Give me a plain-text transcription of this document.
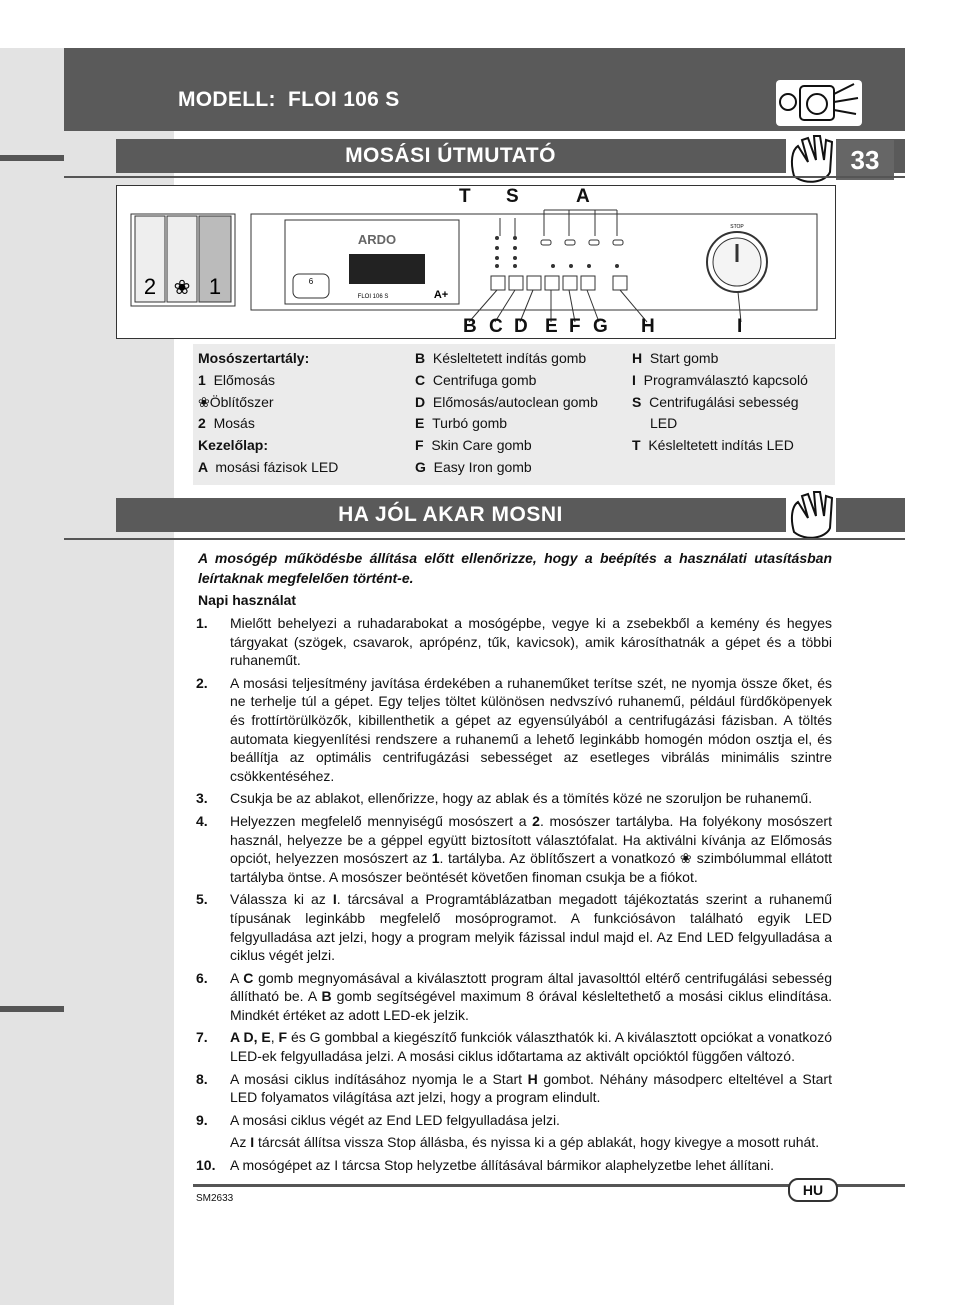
MODELL: FLOI 106 S
MOSÁSI ÚTMUTATÓ	33
2 ❀ 1
ARDO
6
FLOI 106 S	A+
STOP
T S	A
B C D E F G H	I
Mosószertartály:
1  Előmosás
❀Öblítőszer
2  Mosás
Kezelőlap:
A  mosási fázisok LED
B  Késleltetett indítás gomb
C  Centrifuga gomb
D  Előmosás/autoclean gomb
E  Turbó gomb
F  Skin Care gomb
G  Easy Iron gomb
H  Start gomb
I  Programválasztó kapcsoló
S  Centrifugálási sebesség
LED
T  Késleltetett indítás LED
HA JÓL AKAR MOSNI
A mosógép működésbe állítása előtt ellenőrizze, hogy a beépítés a használati utasításban leírtaknak megfelelően történt-e.
Napi használat
1.	Mielőtt behelyezi a ruhadarabokat a mosógépbe, vegye ki a zsebekből a kemény és hegyes tárgyakat (szögek, csavarok, aprópénz, tűk, kavicsok), amik károsíthatnák a gépet és a többi ruhaneműt.
2.	A mosási teljesítmény javítása érdekében a ruhaneműket terítse szét, ne nyomja össze őket, és ne terhelje túl a gépet. Egy teljes töltet különösen nedvszívó ruhanemű, például fürdőköpenyek és frottírtörülközők, kibillenthetik a gépet az egyensúlyából a centrifugázási fázisban. A töltés automata kiegyenlítési rendszere a ruhanemű a lehető leginkább homogén módon osztja el, és beállítja az optimális centrifugázási sebességet az esetleges vibrálás minimális szintre csökkentéséhez.
3.	Csukja be az ablakot, ellenőrizze, hogy az ablak és a tömítés közé ne szoruljon be ruhanemű.
4.	Helyezzen megfelelő mennyiségű mosószert a 2. mosószer tartályba. Ha folyékony mosószert használ, helyezze be a géppel együtt biztosított választófalat. Ha aktiválni kívánja az Előmosás opciót, helyezzen mosószert az 1. tartályba. Az öblítőszert a vonatkozó ❀ szimbólummal ellátott tartályba öntse. A mosószer beöntését követően finoman csukja be a fiókot.
5.	Válassza ki az I. tárcsával a Programtáblázatban megadott tájékoztatás szerint a ruhanemű típusának leginkább megfelelő mosóprogramot. A funkciósávon található egyik LED felgyulladása azt jelzi, hogy a program melyik fázissal indul majd el. Az End LED felgyulladása a ciklus végét jelzi.
6.	A C gomb megnyomásával a kiválasztott program által javasolttól eltérő centrifugálási sebesség állítható be. A B gomb segítségével maximum 8 órával késleltethető a mosási ciklus elindítása. Mindkét értéket az adott LED-ek jelzik.
7.	A D, E, F és G gombbal a kiegészítő funkciók választhatók ki. A kiválasztott opciókat a vonatkozó LED-ek felgyulladása jelzi. A mosási ciklus időtartama az aktivált opcióktól függően változó.
8.	A mosási ciklus indításához nyomja le a Start H gombot. Néhány másodperc elteltével a Start LED folyamatos világítása azt jelzi, hogy a program elindult.
9.	A mosási ciklus végét az End LED felgyulladása jelzi.
Az I tárcsát állítsa vissza Stop állásba, és nyissa ki a gép ablakát, hogy kivegye a mosott ruhát.
10.	A mosógépet az I tárcsa Stop helyzetbe állításával bármikor alaphelyzetbe lehet állítani.
HU
SM2633
